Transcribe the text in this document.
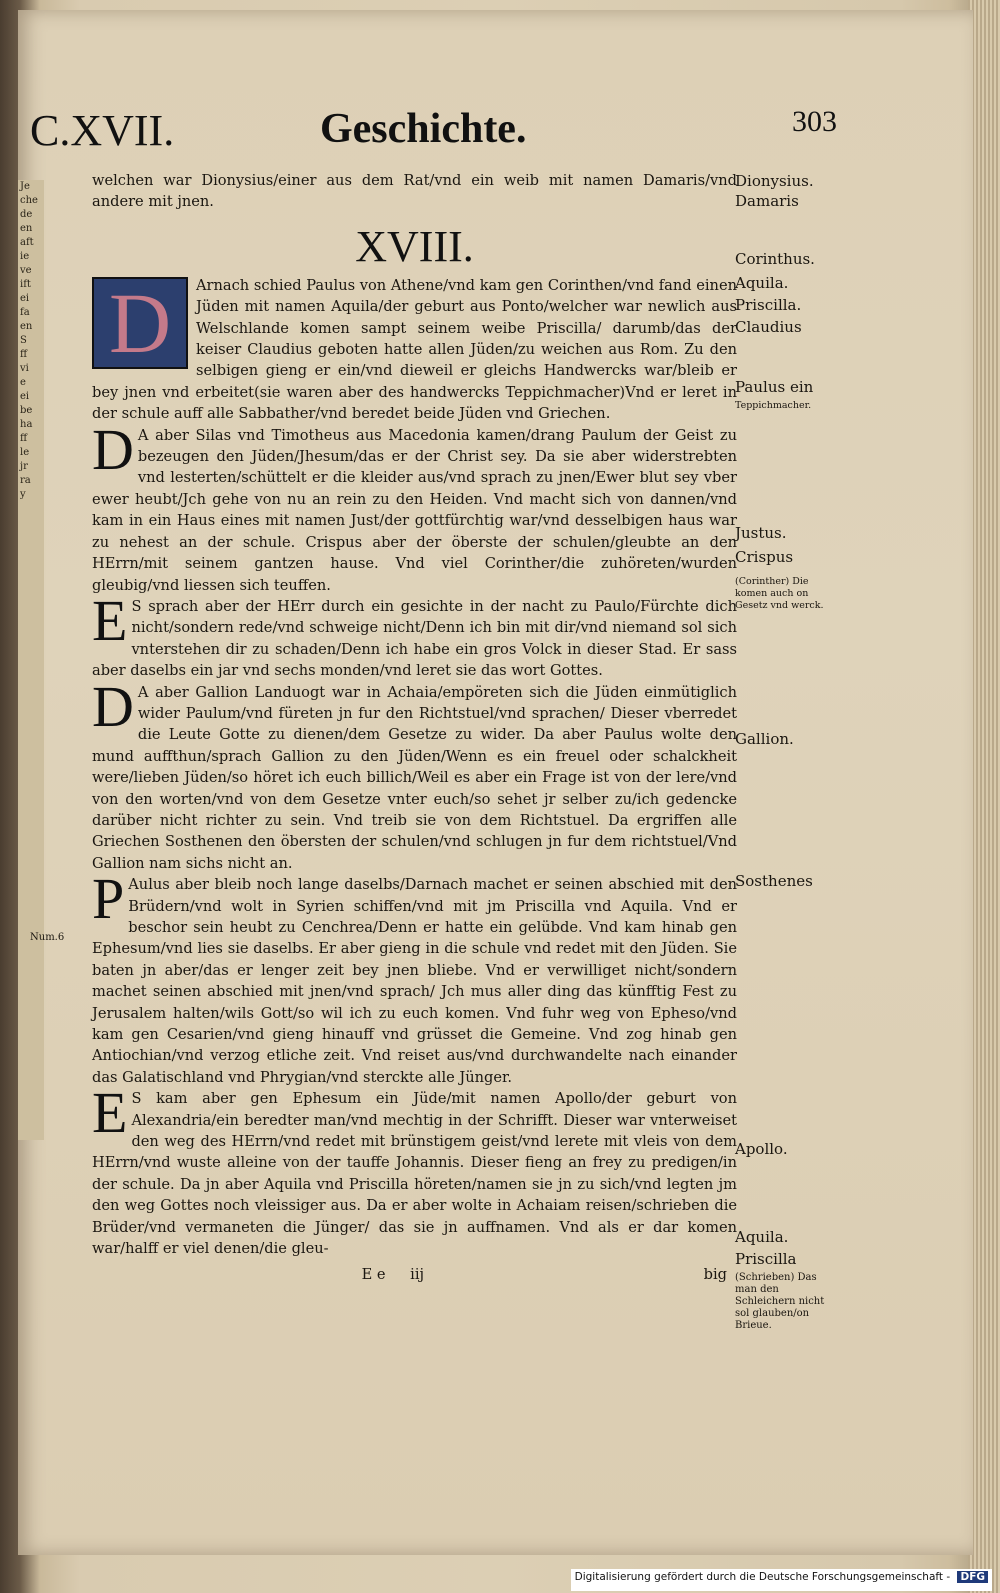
Je
che
de
en
aft
ie
ve
ift
ei
fa
en
S
ff
vi
e
ei
be
ha
ff
le
jr
ra
y
C.XVII.	Geschichte.	303
Num.6

welchen war Dionysius/einer aus dem Rat/vnd ein weib mit namen Damaris/vnd andere mit jnen.

XVIII.

D	Arnach schied Paulus von Athene/vnd kam gen Corinthen/vnd fand einen Jüden mit namen Aquila/der geburt aus Ponto/welcher war newlich aus Welschlande komen sampt seinem weibe Priscilla/ darumb/das der keiser Claudius geboten hatte allen Jüden/zu weichen aus Rom. Zu den selbigen gieng er ein/vnd dieweil er gleichs Handwercks war/bleib er bey jnen vnd erbeitet(sie waren aber des handwercks Teppichmacher)Vnd er leret in der schule auff alle Sabbather/vnd beredet beide Jüden vnd Griechen.

D A aber Silas vnd Timotheus aus Macedonia kamen/drang Paulum der Geist zu bezeugen den Jüden/Jhesum/das er der Christ sey. Da sie aber widerstrebten vnd lesterten/schüttelt er die kleider aus/vnd sprach zu jnen/Ewer blut sey vber ewer heubt/Jch gehe von nu an rein zu den Heiden. Vnd macht sich von dannen/vnd kam in ein Haus eines mit namen Just/der gottfürchtig war/vnd desselbigen haus war zu nehest an der schule. Crispus aber der öberste der schulen/gleubte an den HErrn/mit seinem gantzen hause. Vnd viel Corinther/die zuhöreten/wurden gleubig/vnd liessen sich teuffen.

E S sprach aber der HErr durch ein gesichte in der nacht zu Paulo/Fürchte dich nicht/sondern rede/vnd schweige nicht/Denn ich bin mit dir/vnd niemand sol sich vnterstehen dir zu schaden/Denn ich habe ein gros Volck in dieser Stad. Er sass aber daselbs ein jar vnd sechs monden/vnd leret sie das wort Gottes.

D A aber Gallion Landuogt war in Achaia/empöreten sich die Jüden einmütiglich wider Paulum/vnd füreten jn fur den Richtstuel/vnd sprachen/ Dieser vberredet die Leute Gotte zu dienen/dem Gesetze zu wider. Da aber Paulus wolte den mund auffthun/sprach Gallion zu den Jüden/Wenn es ein freuel oder schalckheit were/lieben Jüden/so höret ich euch billich/Weil es aber ein Frage ist von der lere/vnd von den worten/vnd von dem Gesetze vnter euch/so sehet jr selber zu/ich gedencke darüber nicht richter zu sein. Vnd treib sie von dem Richtstuel. Da ergriffen alle Griechen Sosthenen den öbersten der schulen/vnd schlugen jn fur dem richtstuel/Vnd Gallion nam sichs nicht an.

P Aulus aber bleib noch lange daselbs/Darnach machet er seinen abschied mit den Brüdern/vnd wolt in Syrien schiffen/vnd mit jm Priscilla vnd Aquila. Vnd er beschor sein heubt zu Cenchrea/Denn er hatte ein gelübde. Vnd kam hinab gen Ephesum/vnd lies sie daselbs. Er aber gieng in die schule vnd redet mit den Jüden. Sie baten jn aber/das er lenger zeit bey jnen bliebe. Vnd er verwilliget nicht/sondern machet seinen abschied mit jnen/vnd sprach/ Jch mus aller ding das künfftig Fest zu Jerusalem halten/wils Gott/so wil ich zu euch komen. Vnd fuhr weg von Epheso/vnd kam gen Cesarien/vnd gieng hinauff vnd grüsset die Gemeine. Vnd zog hinab gen Antiochian/vnd verzog etliche zeit. Vnd reiset aus/vnd durchwandelte nach einander das Galatischland vnd Phrygian/vnd sterckte alle Jünger.

E S kam aber gen Ephesum ein Jüde/mit namen Apollo/der geburt von Alexandria/ein beredter man/vnd mechtig in der Schrifft. Dieser war vnterweiset den weg des HErrn/vnd redet mit brünstigem geist/vnd lerete mit vleis von dem HErrn/vnd wuste alleine von der tauffe Johannis. Dieser fieng an frey zu predigen/in der schule. Da jn aber Aquila vnd Priscilla höreten/namen sie jn zu sich/vnd legten jm den weg Gottes noch vleissiger aus. Da er aber wolte in Achaiam reisen/schrieben die Brüder/vnd vermaneten die Jünger/ das sie jn auffnamen. Vnd als er dar komen war/halff er viel denen/die gleu-

E e iij	big
Dionysius.
Damaris
Corinthus.
Aquila.
Priscilla.
Claudius
Paulus ein
Teppichmacher.
Justus.
Crispus
(Corinther) Die komen auch on Gesetz vnd werck.
Gallion.
Sosthenes
Apollo.
Aquila.
Priscilla
(Schrieben) Das man den Schleichern nicht sol glauben/on Brieue.
Digitalisierung gefördert durch die Deutsche Forschungsgemeinschaft - DFG
